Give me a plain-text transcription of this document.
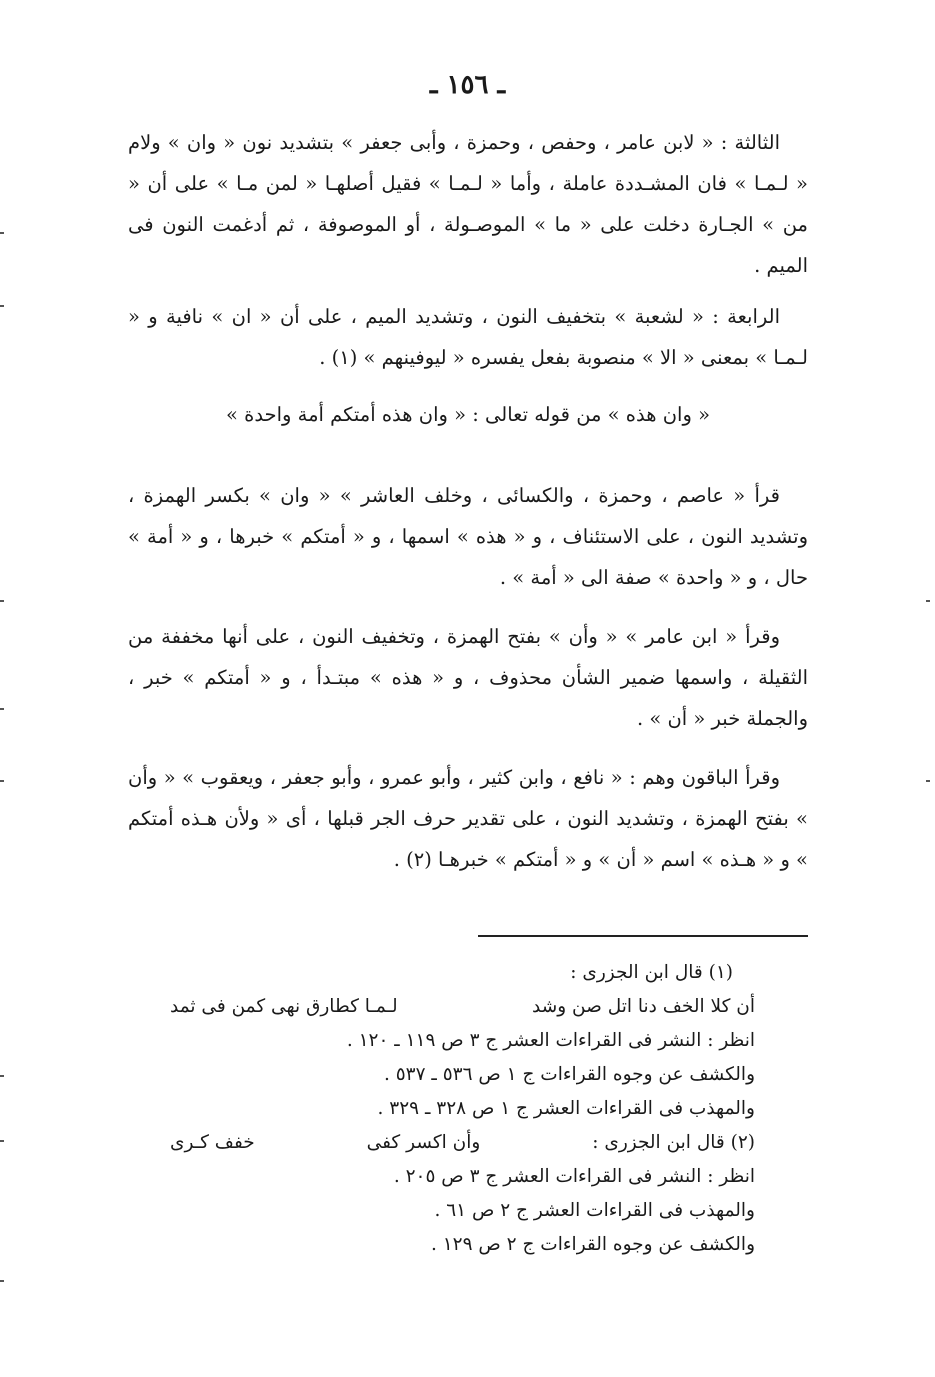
ـ ١٥٦ ـ

الثالثة : « لابن عامر ، وحفص ، وحمزة ، وأبى جعفر » بتشديد نون « وان » ولام « لـمـا » فان المشـددة عاملة ، وأما « لـمـا » فقيل أصلهـا « لمن مـا » على أن « من » الجـارة دخلت على « ما » الموصـولة ، أو الموصوفة ، ثم أدغمت النون فى الميم .

الرابعة : « لشعبة » بتخفيف النون ، وتشديد الميم ، على أن « ان » نافية و « لـمـا » بمعنى « الا » منصوبة بفعل يفسره « ليوفينهم » (١) .

« وان هذه » من قوله تعالى : « وان هذه أمتكم أمة واحدة »

قرأ « عاصم ، وحمزة ، والكسائى ، وخلف العاشر » « وان » بكسر الهمزة ، وتشديد النون ، على الاستئناف ، و « هذه » اسمها ، و « أمتكم » خبرها ، و « أمة » حال ، و « واحدة » صفة الى « أمة » .

وقرأ « ابن عامر » « وأن » بفتح الهمزة ، وتخفيف النون ، على أنها مخففة من الثقيلة ، واسمها ضمير الشأن محذوف ، و « هذه » مبتـدأ ، و « أمتكم » خبر ، والجملة خبر « أن » .

وقرأ الباقون وهم : « نافع ، وابن كثير ، وأبو عمرو ، وأبو جعفر ، ويعقوب » « وأن » بفتح الهمزة ، وتشديد النون ، على تقدير حرف الجر قبلها ، أى « ولأن هـذه أمتكم » و « هـذه » اسم « أن » و « أمتكم » خبرهـا (٢) .

(١) قال ابن الجزرى :
أن كلا الخف دنا اتل صن وشد
لـمـا كطارق نهى كمن فى ثمد
انظر : النشر فى القراءات العشر ج ٣ ص ١١٩ ـ ١٢٠ .
والكشف عن وجوه القراءات ج ١ ص ٥٣٦ ـ ٥٣٧ .
والمهذب فى القراءات العشر ج ١ ص ٣٢٨ ـ ٣٢٩ .
(٢) قال ابن الجزرى :
وأن اكسر كفى
خفف كـرى
انظر : النشر فى القراءات العشر ج ٣ ص ٢٠٥ .
والمهذب فى القراءات العشر ج ٢ ص ٦١ .
والكشف عن وجوه القراءات ج ٢ ص ١٢٩ .
